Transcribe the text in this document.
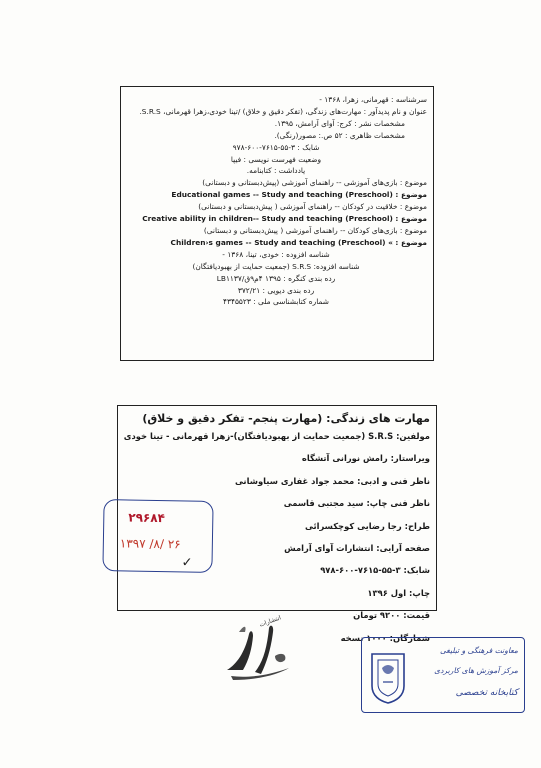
سرشناسه : قهرمانی، زهرا، ۱۳۶۸ -
عنوان و نام پدیدآور : مهارت‌های زندگی، (تفکر دقیق و خلاق) /تینا خودی،زهرا قهرمانی، S.R.S.
مشخصات نشر : کرج: آوای آرامش، ۱۳۹۵.
مشخصات ظاهری : ۵۲ ص.: مصور(رنگی).
شابک : ۳-۵۵-۷۶۱۵-۶۰۰-۹۷۸
وضعیت فهرست نویسی : فیپا
یادداشت : کتابنامه.
موضوع : بازی‌های آموزشی -- راهنمای آموزشی (پیش‌دبستانی و دبستانی)
موضوع : (Educational games -- Study and teaching (Preschool
موضوع : خلاقیت در کودکان -- راهنمای آموزشی ( پیش‌دبستانی و دبستانی)
موضوع : (Creative ability in children-- Study and teaching (Preschool
موضوع : بازی‌های کودکان -- راهنمای آموزشی ( پیش‌دبستانی و دبستانی)
موضوع : » (Children›s games -- Study and teaching (Preschool
شناسه افزوده : خودی، تینا، ۱۳۶۸ -
شناسه افزوده: S.R.S (جمعیت حمایت از بهبودیافتگان)
رده بندی کنگره : ۱۳۹۵ ۴م۹ق/LB۱۱۳۷
رده بندی دیویی : ۳۷۲/۲۱
شماره کتابشناسی ملی : ۴۳۴۵۵۲۳
مهارت های زندگی: (مهارت پنجم- تفکر دقیق و خلاق)
مولفین: S.R.S (جمعیت حمایت از بهبودیافتگان)-زهرا قهرمانی - تینا خودی
ویراستار: رامش نورانی آتشگاه
ناظر فنی و ادبی: محمد جواد غفاری سیاوشانی
ناظر فنی چاپ: سید مجتبی قاسمی
طراح: رجا رضایی کوچکسرائی
صفحه آرایی: انتشارات آوای آرامش
شابک: ۳-۵۵-۷۶۱۵-۶۰۰-۹۷۸
چاپ: اول ۱۳۹۶
قیمت: ۹۲۰۰ تومان
شمارگان: ۱۰۰۰ نسخه
۲۹۶۸۴
۱۳۹۷ /۸/ ۲۶
✓
انتشارات
معاونت فرهنگی و تبلیغی
مرکز آموزش های کاربردی
کتابخانه تخصصی
